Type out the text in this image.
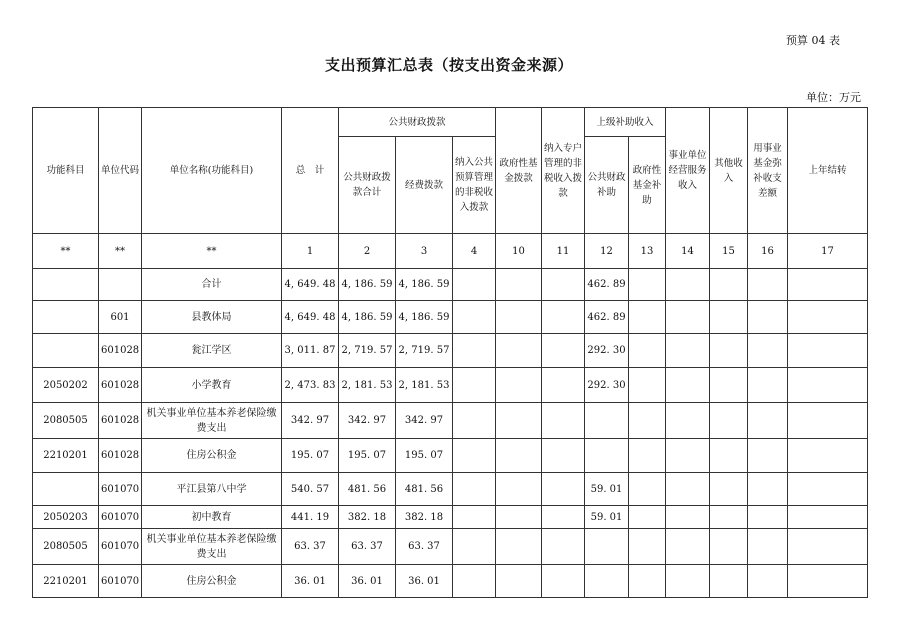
预算 04 表
支出预算汇总表（按支出资金来源）
单位：万元
功能科目	单位代码	单位名称(功能科目)	总　计	公共财政拨款			政府性基金拨款	纳入专户管理的非税收入拨款	上级补助收入		事业单位经营服务收入	其他收入	用事业基金弥补收支差额	上年结转
				公共财政拨款合计	经费拨款	纳入公共预算管理的非税收入拨款			公共财政补助	政府性基金补助				
**	**	**	1	2	3	4	10	11	12	13	14	15	16	17
		合计	4, 649. 48	4, 186. 59	4, 186. 59				462. 89					
	601	县教体局	4, 649. 48	4, 186. 59	4, 186. 59				462. 89					
	601028	瓮江学区	3, 011. 87	2, 719. 57	2, 719. 57				292. 30					
2050202	601028	小学教育	2, 473. 83	2, 181. 53	2, 181. 53				292. 30					
2080505	601028	机关事业单位基本养老保险缴费支出	342. 97	342. 97	342. 97									
2210201	601028	住房公积金	195. 07	195. 07	195. 07									
	601070	平江县第八中学	540. 57	481. 56	481. 56				59. 01					
2050203	601070	初中教育	441. 19	382. 18	382. 18				59. 01					
2080505	601070	机关事业单位基本养老保险缴费支出	63. 37	63. 37	63. 37									
2210201	601070	住房公积金	36. 01	36. 01	36. 01									
